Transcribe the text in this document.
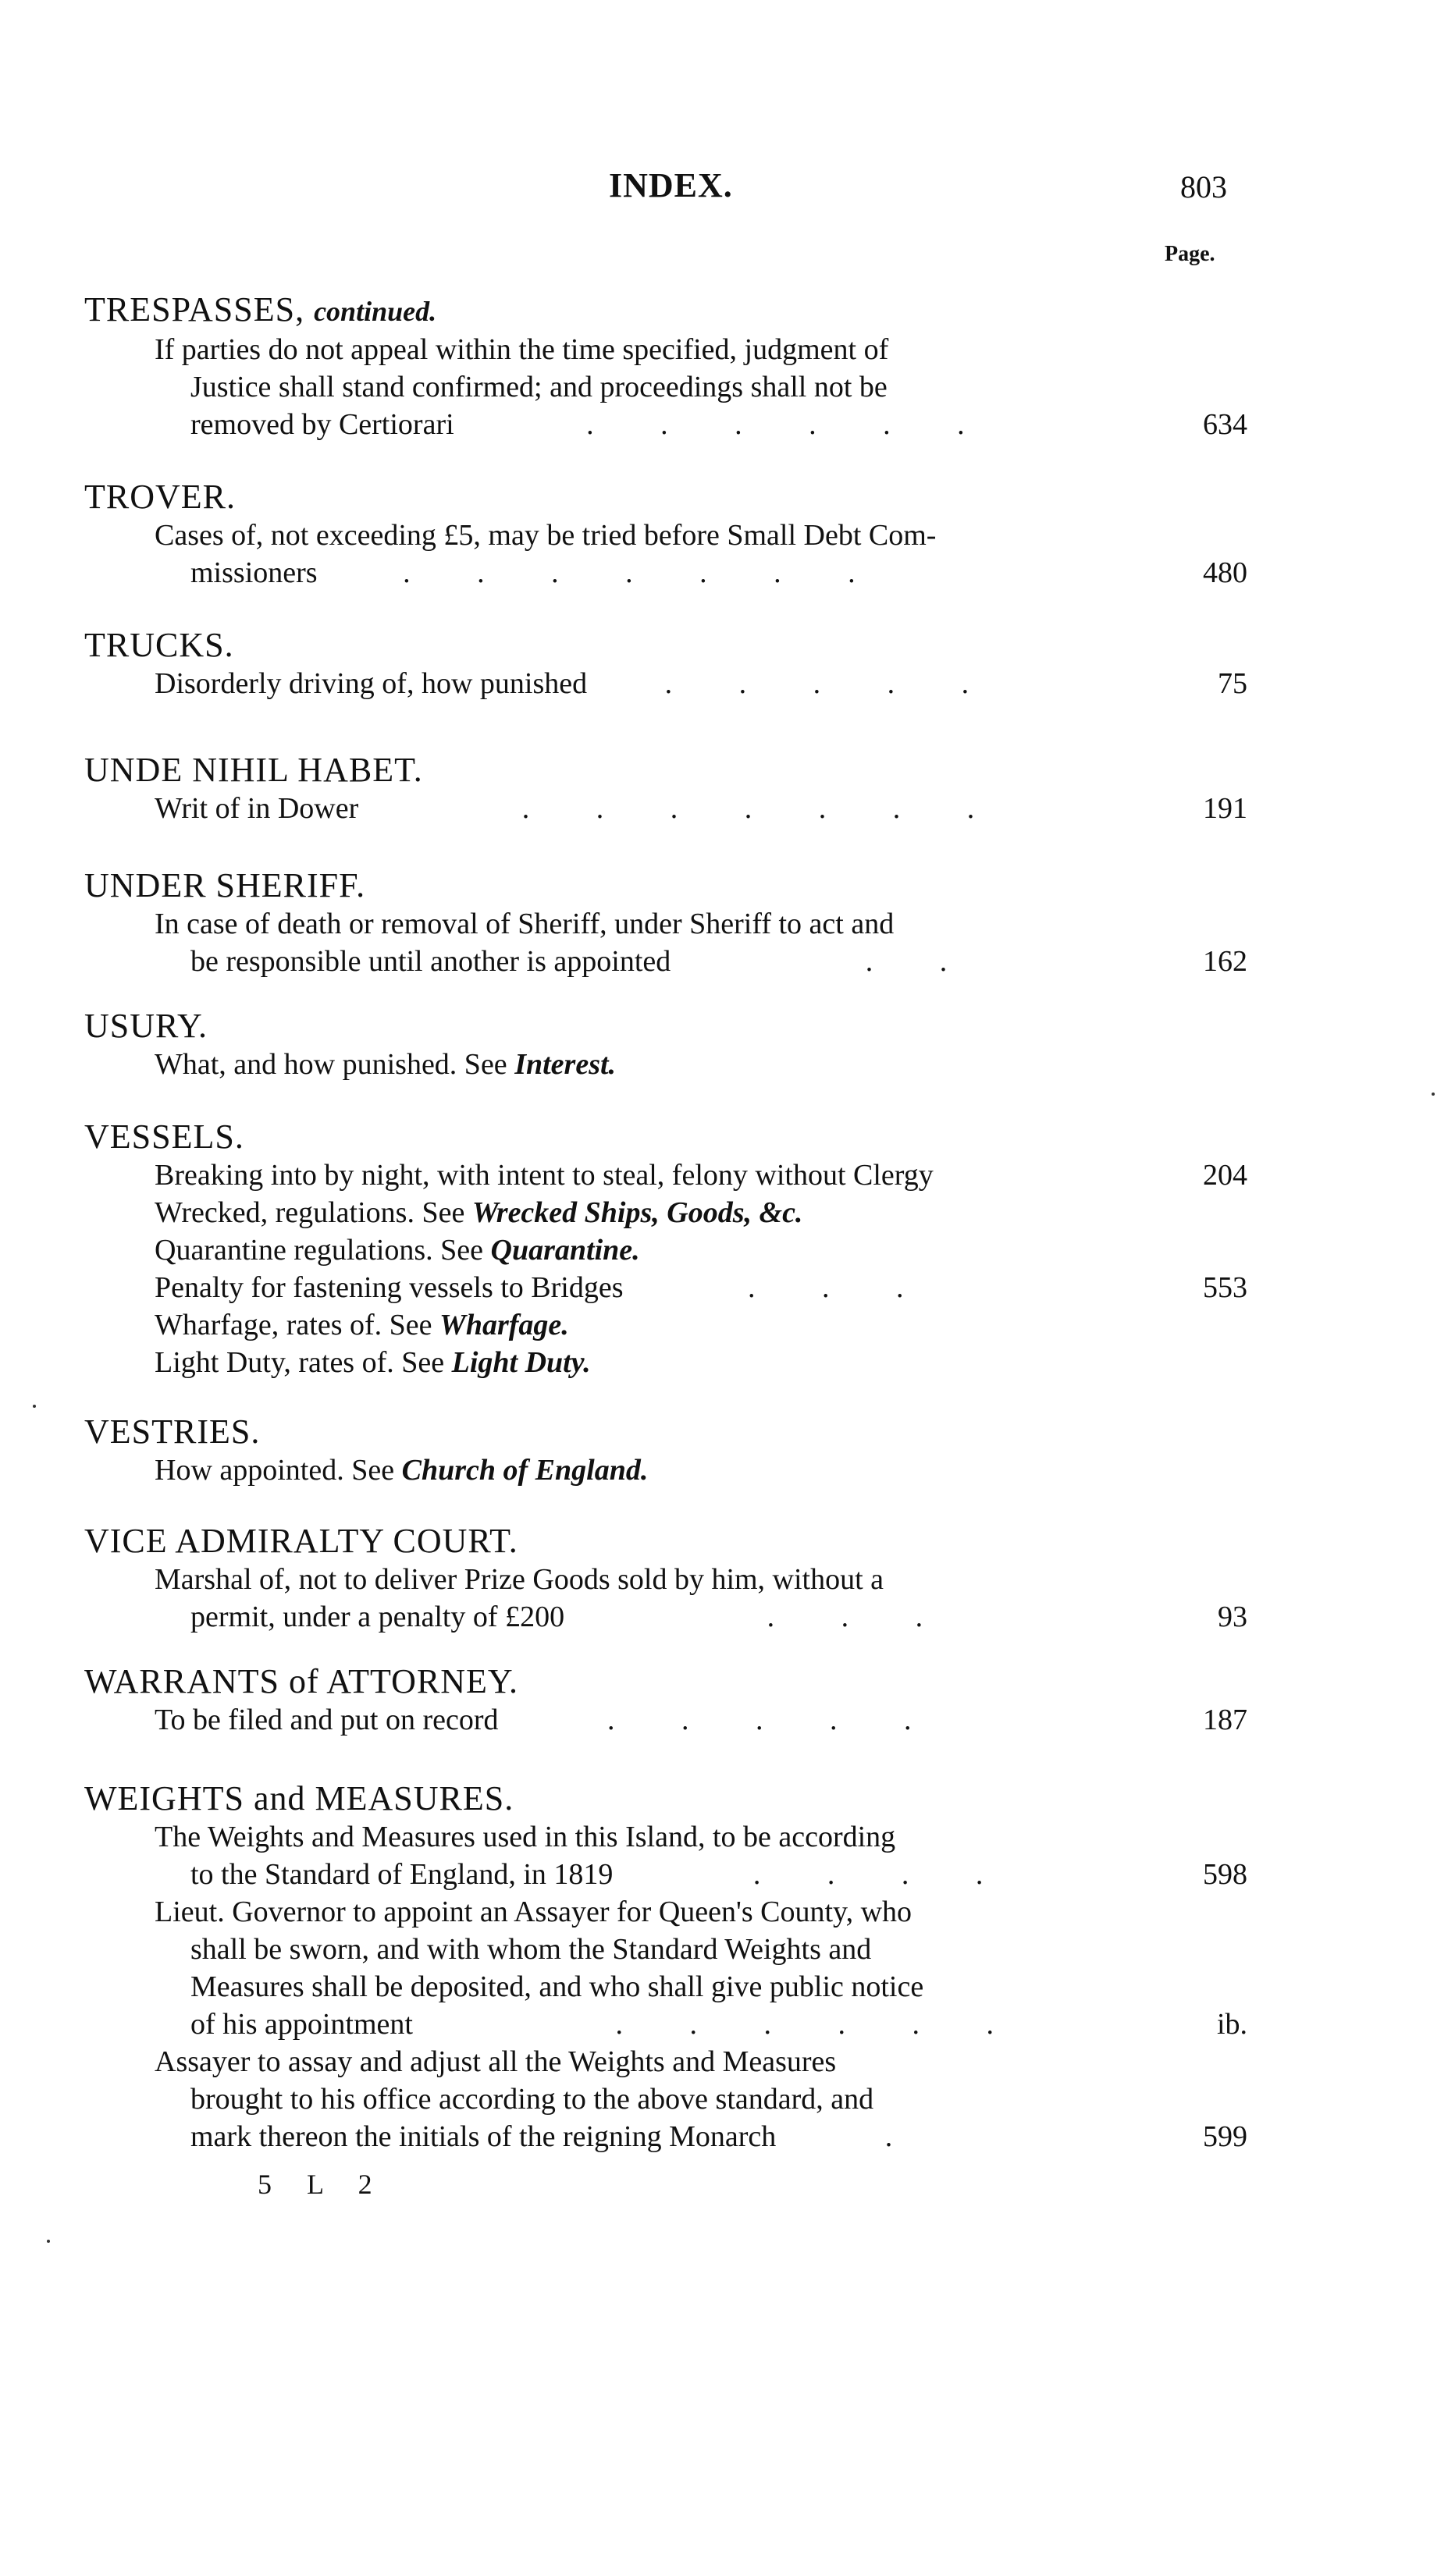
INDEX.	803
Page.
TRESPASSES, continued.
If parties do not appeal within the time specified, judgment of
Justice shall stand confirmed; and proceedings shall not be
removed by Certiorari	. . . . . .	634
TROVER.
Cases of, not exceeding £5, may be tried before Small Debt Com-
missioners	. . . . . . .	480
TRUCKS.
Disorderly driving of, how punished	. . . . .	75
UNDE NIHIL HABET.
Writ of in Dower	. . . . . . .	191
UNDER SHERIFF.
In case of death or removal of Sheriff, under Sheriff to act and
be responsible until another is appointed	. .	162
USURY.
What, and how punished. See Interest.
VESSELS.
Breaking into by night, with intent to steal, felony without Clergy	204
Wrecked, regulations. See Wrecked Ships, Goods, &c.
Quarantine regulations. See Quarantine.
Penalty for fastening vessels to Bridges	. . .	553
Wharfage, rates of. See Wharfage.
Light Duty, rates of. See Light Duty.
VESTRIES.
How appointed. See Church of England.
VICE ADMIRALTY COURT.
Marshal of, not to deliver Prize Goods sold by him, without a
permit, under a penalty of £200	. . .	93
WARRANTS of ATTORNEY.
To be filed and put on record	. . . . .	187
WEIGHTS and MEASURES.
The Weights and Measures used in this Island, to be according
to the Standard of England, in 1819	. . . .	598
Lieut. Governor to appoint an Assayer for Queen's County, who
shall be sworn, and with whom the Standard Weights and
Measures shall be deposited, and who shall give public notice
of his appointment	. . . . . .	ib.
Assayer to assay and adjust all the Weights and Measures
brought to his office according to the above standard, and
mark thereon the initials of the reigning Monarch	.	599
5 L 2
